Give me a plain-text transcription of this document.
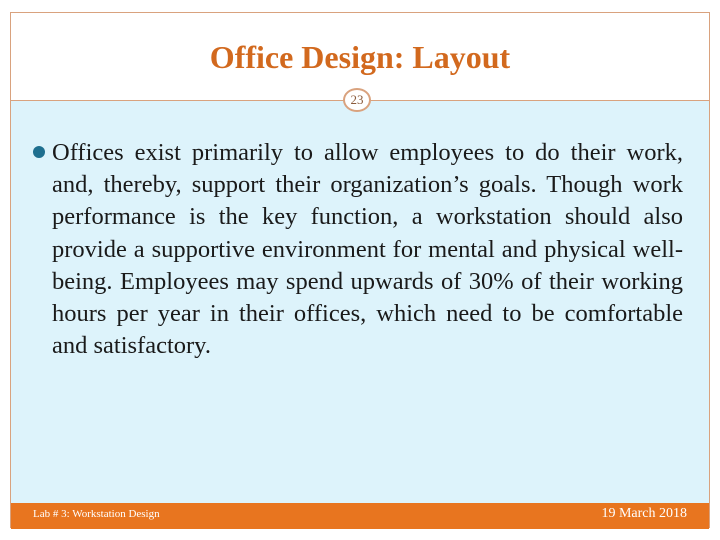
Office Design: Layout

Offices exist primarily to allow employees to do their work, and, thereby, support their organization’s goals. Though work performance is the key function, a workstation should also provide a supportive environment for mental and physical well-being. Employees may spend upwards of 30% of their working hours per year in their offices, which need to be comfortable and satisfactory.

23
Lab # 3: Workstation Design	19 March 2018
